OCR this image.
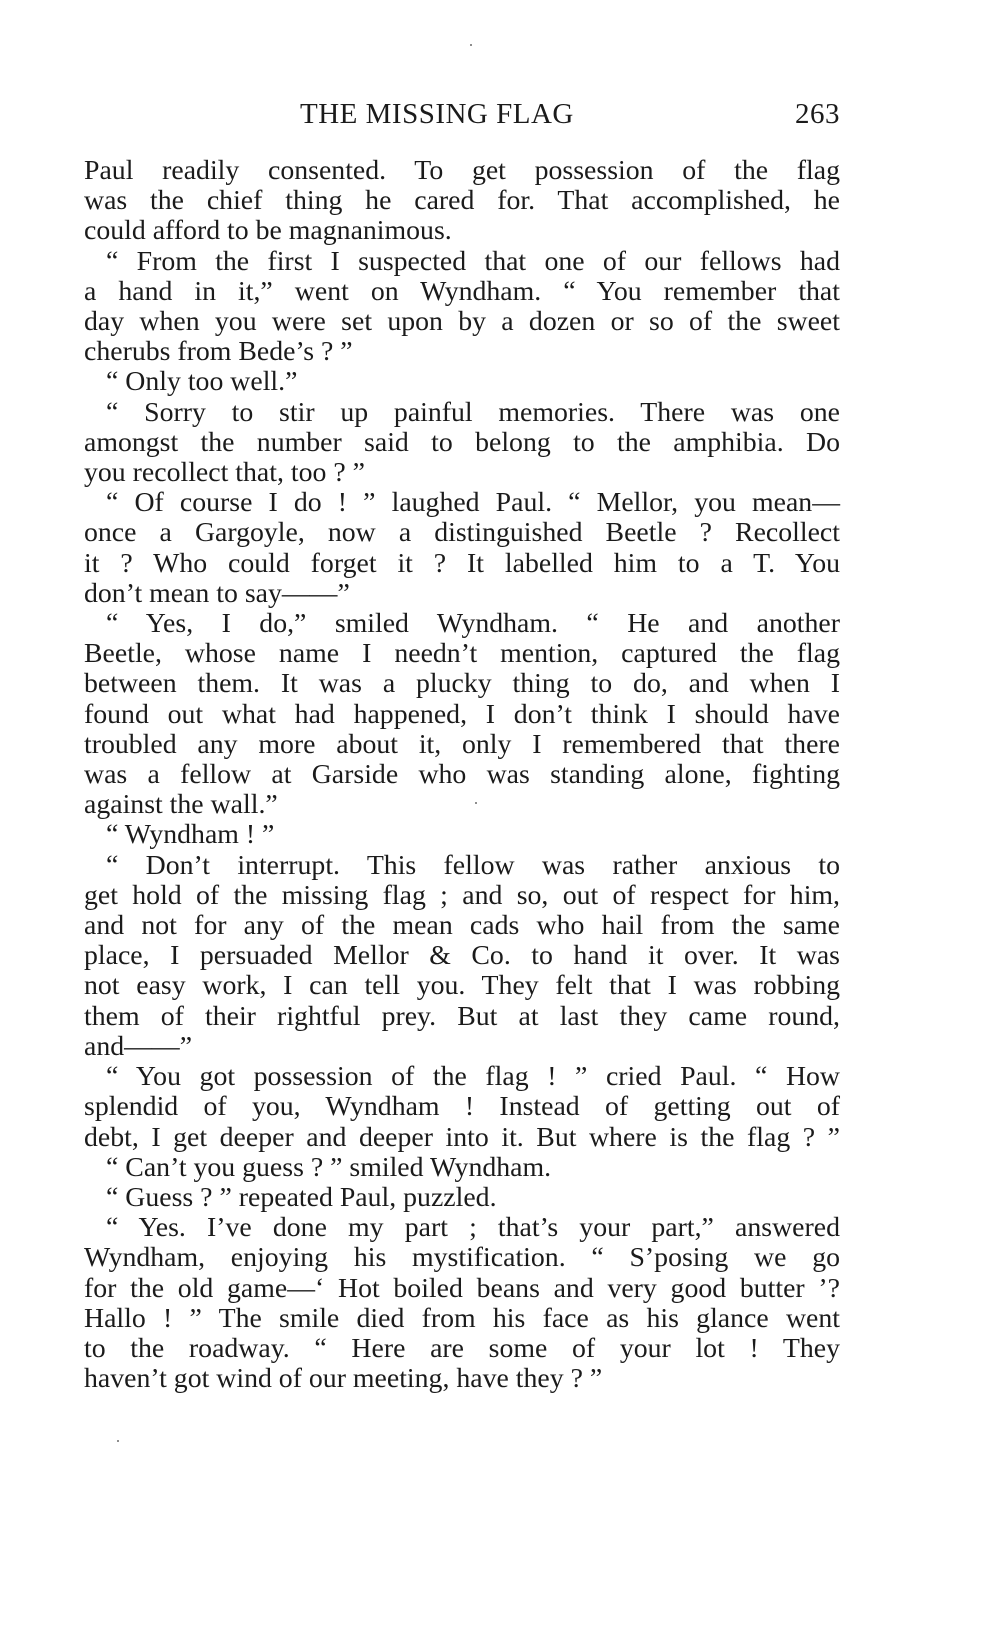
THE MISSING FLAG	263
Paul readily consented. To get possession of the flag
was the chief thing he cared for. That accomplished, he
could afford to be magnanimous.
“ From the first I suspected that one of our fellows had
a hand in it,” went on Wyndham. “ You remember that
day when you were set upon by a dozen or so of the sweet
cherubs from Bede’s ? ”
“ Only too well.”
“ Sorry to stir up painful memories. There was one
amongst the number said to belong to the amphibia. Do
you recollect that, too ? ”
“ Of course I do ! ” laughed Paul. “ Mellor, you mean—
once a Gargoyle, now a distinguished Beetle ? Recollect
it ? Who could forget it ? It labelled him to a T. You
don’t mean to say——”
“ Yes, I do,” smiled Wyndham. “ He and another
Beetle, whose name I needn’t mention, captured the flag
between them. It was a plucky thing to do, and when I
found out what had happened, I don’t think I should have
troubled any more about it, only I remembered that there
was a fellow at Garside who was standing alone, fighting
against the wall.”
“ Wyndham ! ”
“ Don’t interrupt. This fellow was rather anxious to
get hold of the missing flag ; and so, out of respect for him,
and not for any of the mean cads who hail from the same
place, I persuaded Mellor & Co. to hand it over. It was
not easy work, I can tell you. They felt that I was robbing
them of their rightful prey. But at last they came round,
and——”
“ You got possession of the flag ! ” cried Paul. “ How
splendid of you, Wyndham ! Instead of getting out of
debt, I get deeper and deeper into it. But where is the flag ? ”
“ Can’t you guess ? ” smiled Wyndham.
“ Guess ? ” repeated Paul, puzzled.
“ Yes. I’ve done my part ; that’s your part,” answered
Wyndham, enjoying his mystification. “ S’posing we go
for the old game—‘ Hot boiled beans and very good butter ’?
Hallo ! ” The smile died from his face as his glance went
to the roadway. “ Here are some of your lot ! They
haven’t got wind of our meeting, have they ? ”
